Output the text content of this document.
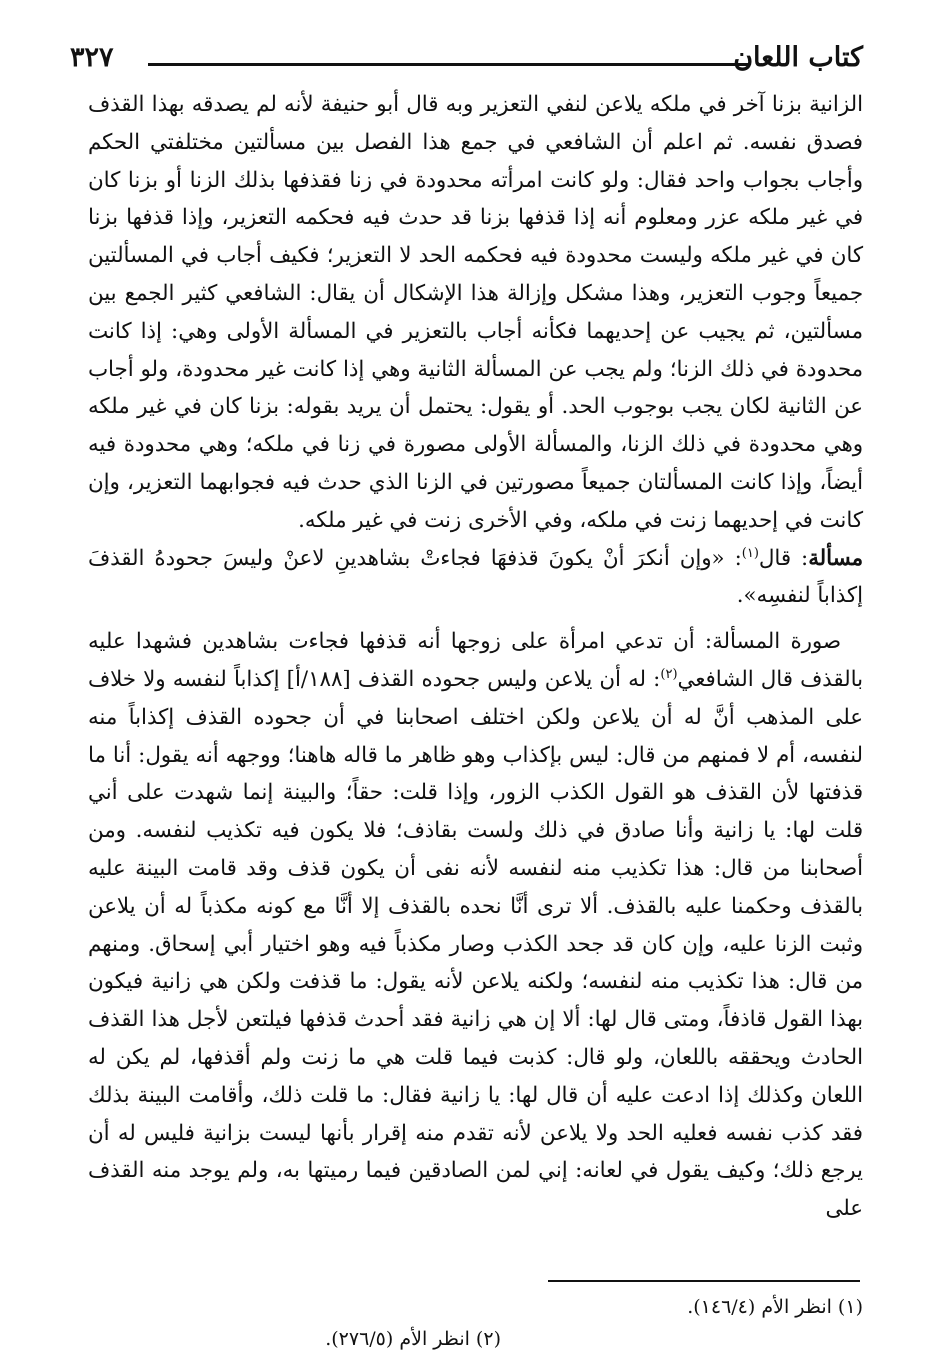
كتاب اللعان
٣٢٧

الزانية بزنا آخر في ملكه يلاعن لنفي التعزير وبه قال أبو حنيفة لأنه لم يصدقه بهذا القذف فصدق نفسه. ثم اعلم أن الشافعي في جمع هذا الفصل بين مسألتين مختلفتي الحكم وأجاب بجواب واحد فقال: ولو كانت امرأته محدودة في زنا فقذفها بذلك الزنا أو بزنا كان في غير ملكه عزر ومعلوم أنه إذا قذفها بزنا قد حدث فيه فحكمه التعزير، وإذا قذفها بزنا كان في غير ملكه وليست محدودة فيه فحكمه الحد لا التعزير؛ فكيف أجاب في المسألتين جميعاً وجوب التعزير، وهذا مشكل وإزالة هذا الإشكال أن يقال: الشافعي كثير الجمع بين مسألتين، ثم يجيب عن إحديهما فكأنه أجاب بالتعزير في المسألة الأولى وهي: إذا كانت محدودة في ذلك الزنا؛ ولم يجب عن المسألة الثانية وهي إذا كانت غير محدودة، ولو أجاب عن الثانية لكان يجب بوجوب الحد. أو يقول: يحتمل أن يريد بقوله: بزنا كان في غير ملكه وهي محدودة في ذلك الزنا، والمسألة الأولى مصورة في زنا في ملكه؛ وهي محدودة فيه أيضاً، وإذا كانت المسألتان جميعاً مصورتين في الزنا الذي حدث فيه فجوابهما التعزير، وإن كانت في إحديهما زنت في ملكه، وفي الأخرى زنت في غير ملكه.

مسألة: قال$^{(١)}$: «وإن أنكرَ أنْ يكونَ قذفهَا فجاءتْ بشاهدينِ لاعنْ وليسَ جحودهُ القذفَ إكذاباً لنفسِه».

صورة المسألة: أن تدعي امرأة على زوجها أنه قذفها فجاءت بشاهدين فشهدا عليه بالقذف قال الشافعي$^{(٢)}$: له أن يلاعن وليس جحوده القذف [١٨٨/أ] إكذاباً لنفسه ولا خلاف على المذهب أنَّ له أن يلاعن ولكن اختلف اصحابنا في أن جحوده القذف إكذاباً منه لنفسه، أم لا فمنهم من قال: ليس بإكذاب وهو ظاهر ما قاله هاهنا؛ ووجهه أنه يقول: أنا ما قذفتها لأن القذف هو القول الكذب الزور، وإذا قلت: حقاً؛ والبينة إنما شهدت على أني قلت لها: يا زانية وأنا صادق في ذلك ولست بقاذف؛ فلا يكون فيه تكذيب لنفسه. ومن أصحابنا من قال: هذا تكذيب منه لنفسه لأنه نفى أن يكون قذف وقد قامت البينة عليه بالقذف وحكمنا عليه بالقذف. ألا ترى أنَّا نحده بالقذف إلا أنَّا مع كونه مكذباً له أن يلاعن وثبت الزنا عليه، وإن كان قد جحد الكذب وصار مكذباً فيه وهو اختيار أبي إسحاق. ومنهم من قال: هذا تكذيب منه لنفسه؛ ولكنه يلاعن لأنه يقول: ما قذفت ولكن هي زانية فيكون بهذا القول قاذفاً، ومتى قال لها: ألا إن هي زانية فقد أحدث قذفها فيلتعن لأجل هذا القذف الحادث ويحققه باللعان، ولو قال: كذبت فيما قلت هي ما زنت ولم أقذفها، لم يكن له اللعان وكذلك إذا ادعت عليه أن قال لها: يا زانية فقال: ما قلت ذلك، وأقامت البينة بذلك فقد كذب نفسه فعليه الحد ولا يلاعن لأنه تقدم منه إقرار بأنها ليست بزانية فليس له أن يرجع ذلك؛ وكيف يقول في لعانه: إني لمن الصادقين فيما رميتها به، ولم يوجد منه القذف على

(١) انظر الأم (١٤٦/٤).
(٢) انظر الأم (٢٧٦/٥).
